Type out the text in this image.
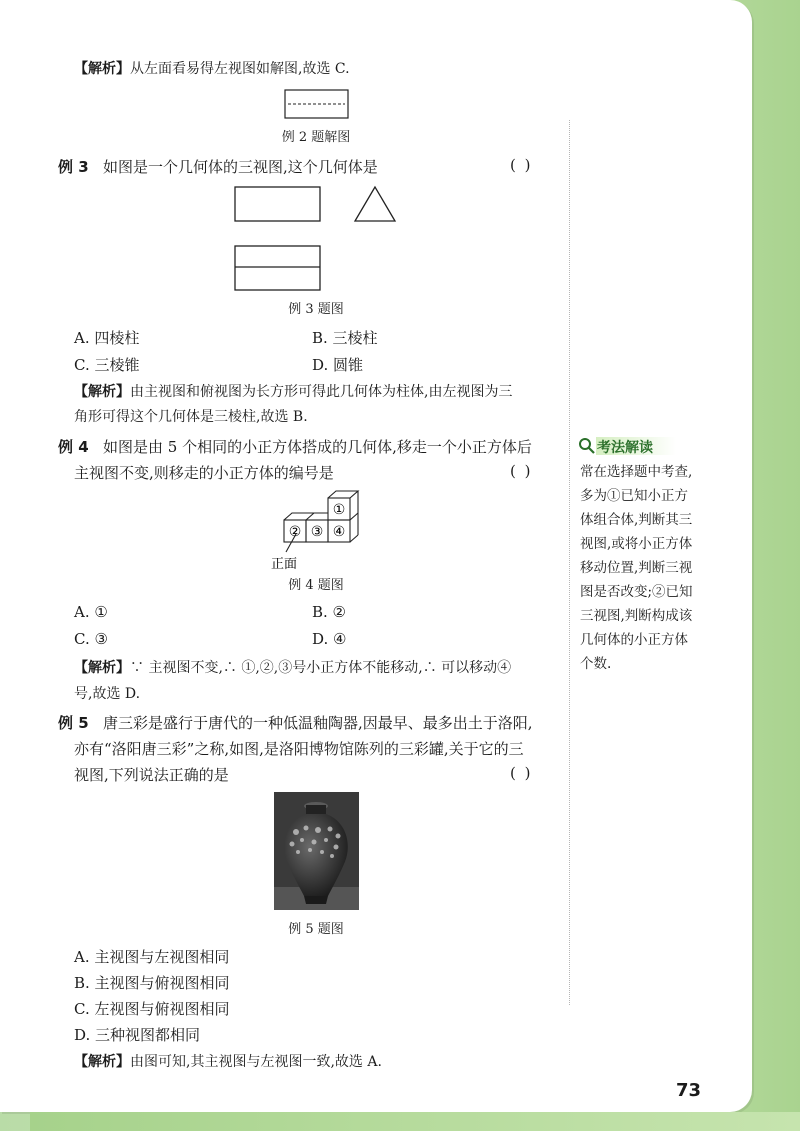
【解析】从左面看易得左视图如解图,故选 C.
例 2 题解图
例 3 如图是一个几何体的三视图,这个几何体是	( )
例 3 题图
A. 四棱柱	B. 三棱柱
C. 三棱锥	D. 圆锥
【解析】由主视图和俯视图为长方形可得此几何体为柱体,由左视图为三
角形可得这个几何体是三棱柱,故选 B.
例 4 如图是由 5 个相同的小正方体搭成的几何体,移走一个小正方体后
主视图不变,则移走的小正方体的编号是	( )
①
② ③ ④
正面
例 4 题图
A. ①	B. ②
C. ③	D. ④
【解析】∵ 主视图不变,∴ ①,②,③号小正方体不能移动,∴ 可以移动④
号,故选 D.
例 5 唐三彩是盛行于唐代的一种低温釉陶器,因最早、最多出土于洛阳,
亦有“洛阳唐三彩”之称,如图,是洛阳博物馆陈列的三彩罐,关于它的三
视图,下列说法正确的是	( )
例 5 题图
A. 主视图与左视图相同
B. 主视图与俯视图相同
C. 左视图与俯视图相同
D. 三种视图都相同
【解析】由图可知,其主视图与左视图一致,故选 A.
考法解读
常在选择题中考查,
多为①已知小正方
体组合体,判断其三
视图,或将小正方体
移动位置,判断三视
图是否改变;②已知
三视图,判断构成该
几何体的小正方体
个数.
73
